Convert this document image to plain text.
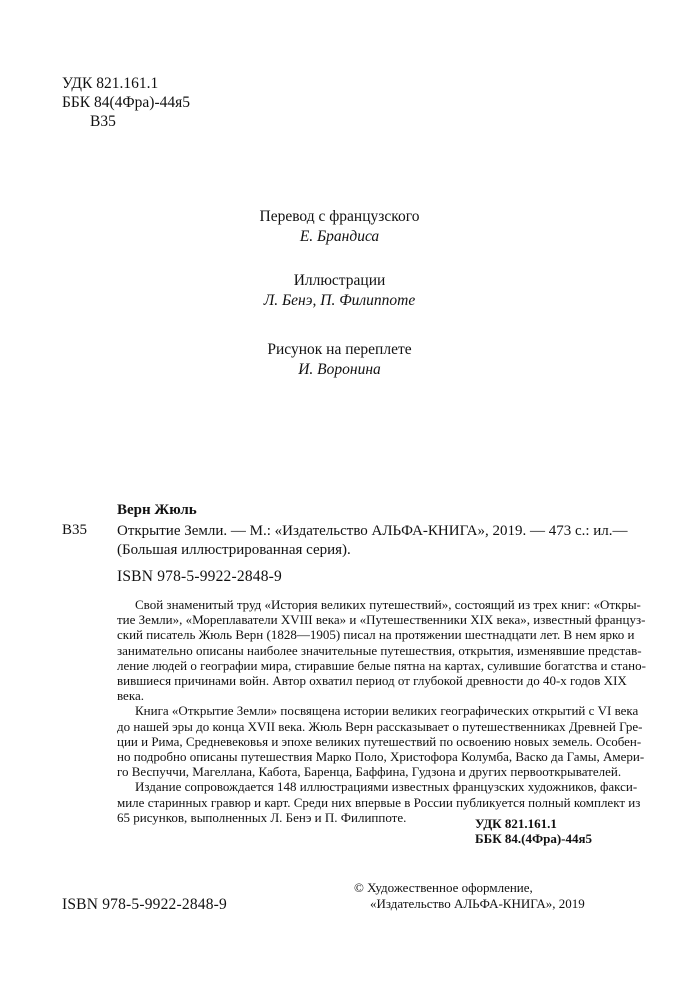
УДК 821.161.1
ББК 84(4Фра)-44я5
В35
Перевод с французского
Е. Брандиса
Иллюстрации
Л. Бенэ, П. Филиппоте
Рисунок на переплете
И. Воронина
Верн Жюль
В35 Открытие Земли. — М.: «Издательство АЛЬФА-КНИГА», 2019. — 473 с.: ил.—
(Большая иллюстрированная серия).
ISBN 978-5-9922-2848-9
Свой знаменитый труд «История великих путешествий», состоящий из трех книг: «Откры-
тие Земли», «Мореплаватели XVIII века» и «Путешественники XIX века», известный француз-
ский писатель Жюль Верн (1828—1905) писал на протяжении шестнадцати лет. В нем ярко и
занимательно описаны наиболее значительные путешествия, открытия, изменявшие представ-
ление людей о географии мира, стиравшие белые пятна на картах, сулившие богатства и стано-
вившиеся причинами войн. Автор охватил период от глубокой древности до 40-х годов XIX
века.
Книга «Открытие Земли» посвящена истории великих географических открытий с VI века
до нашей эры до конца XVII века. Жюль Верн рассказывает о путешественниках Древней Гре-
ции и Рима, Средневековья и эпохе великих путешествий по освоению новых земель. Особен-
но подробно описаны путешествия Марко Поло, Христофора Колумба, Васко да Гамы, Амери-
го Веспуччи, Магеллана, Кабота, Баренца, Баффина, Гудзона и других первооткрывателей.
Издание сопровождается 148 иллюстрациями известных французских художников, факси-
миле старинных гравюр и карт. Среди них впервые в России публикуется полный комплект из
65 рисунков, выполненных Л. Бенэ и П. Филиппоте.	УДК 821.161.1
ББК 84.(4Фра)-44я5
ISBN 978-5-9922-2848-9
© Художественное оформление,
«Издательство АЛЬФА-КНИГА», 2019
